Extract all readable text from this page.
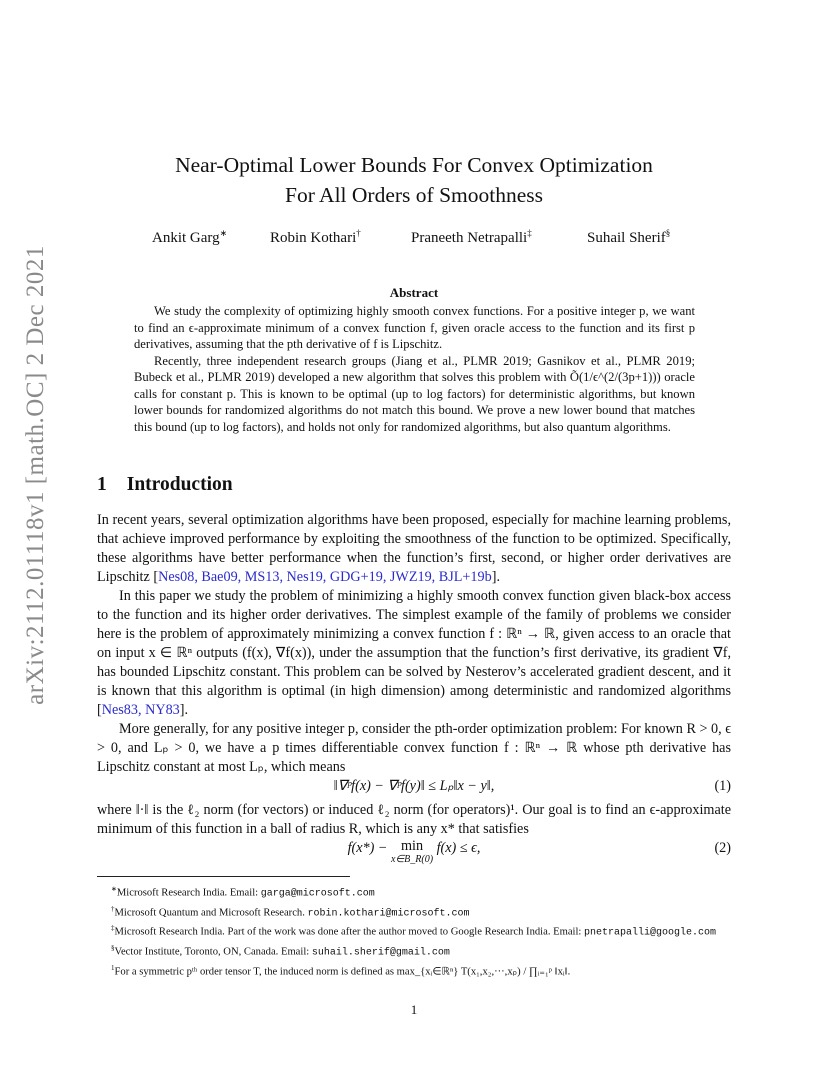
arXiv:2112.01118v1 [math.OC] 2 Dec 2021
Near-Optimal Lower Bounds For Convex Optimization
For All Orders of Smoothness
Ankit Garg∗	Robin Kothari†	Praneeth Netrapalli‡	Suhail Sherif§
Abstract

We study the complexity of optimizing highly smooth convex functions. For a positive integer p, we want to find an ϵ-approximate minimum of a convex function f, given oracle access to the function and its first p derivatives, assuming that the pth derivative of f is Lipschitz.

Recently, three independent research groups (Jiang et al., PLMR 2019; Gasnikov et al., PLMR 2019; Bubeck et al., PLMR 2019) developed a new algorithm that solves this problem with Õ(1/ϵ^(2/(3p+1))) oracle calls for constant p. This is known to be optimal (up to log factors) for deterministic algorithms, but known lower bounds for randomized algorithms do not match this bound. We prove a new lower bound that matches this bound (up to log factors), and holds not only for randomized algorithms, but also quantum algorithms.

1 Introduction

In recent years, several optimization algorithms have been proposed, especially for machine learning problems, that achieve improved performance by exploiting the smoothness of the function to be optimized. Specifically, these algorithms have better performance when the function’s first, second, or higher order derivatives are Lipschitz [Nes08, Bae09, MS13, Nes19, GDG+19, JWZ19, BJL+19b].

In this paper we study the problem of minimizing a highly smooth convex function given black-box access to the function and its higher order derivatives. The simplest example of the family of problems we consider here is the problem of approximately minimizing a convex function f : ℝⁿ → ℝ, given access to an oracle that on input x ∈ ℝⁿ outputs (f(x), ∇f(x)), under the assumption that the function’s first derivative, its gradient ∇f, has bounded Lipschitz constant. This problem can be solved by Nesterov’s accelerated gradient descent, and it is known that this algorithm is optimal (in high dimension) among deterministic and randomized algorithms [Nes83, NY83].

More generally, for any positive integer p, consider the pth-order optimization problem: For known R > 0, ϵ > 0, and Lₚ > 0, we have a p times differentiable convex function f : ℝⁿ → ℝ whose pth derivative has Lipschitz constant at most Lₚ, which means

‖∇ᵖf(x) − ∇ᵖf(y)‖ ≤ Lₚ‖x − y‖,	(1)

where ‖·‖ is the ℓ₂ norm (for vectors) or induced ℓ₂ norm (for operators)¹. Our goal is to find an ϵ-approximate minimum of this function in a ball of radius R, which is any x* that satisfies

f(x*) − min
x∈B_R(0)
f(x) ≤ ϵ,	(2)
∗Microsoft Research India. Email: garga@microsoft.com
†Microsoft Quantum and Microsoft Research. robin.kothari@microsoft.com
‡Microsoft Research India. Part of the work was done after the author moved to Google Research India. Email: pnetrapalli@google.com
§Vector Institute, Toronto, ON, Canada. Email: suhail.sherif@gmail.com
$^1$For a symmetric pᵗʰ order tensor T, the induced norm is defined as max_{xᵢ∈ℝⁿ} T(x₁,x₂,···,xₚ) / ∏ᵢ₌₁ᵖ ‖xᵢ‖.
1
